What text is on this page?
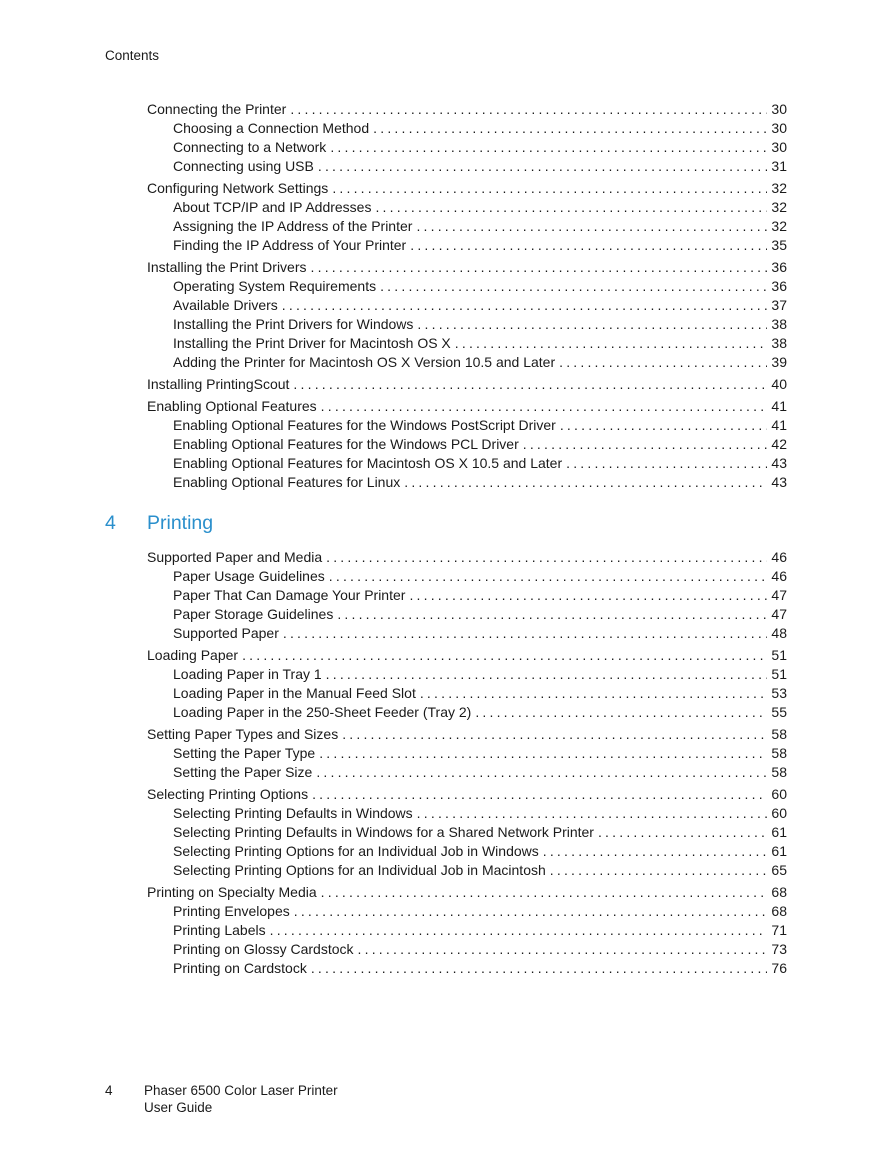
Contents
Connecting the Printer .....	30
Choosing a Connection Method .....	30
Connecting to a Network .....	30
Connecting using USB .....	31
Configuring Network Settings .....	32
About TCP/IP and IP Addresses .....	32
Assigning the IP Address of the Printer .....	32
Finding the IP Address of Your Printer .....	35
Installing the Print Drivers .....	36
Operating System Requirements .....	36
Available Drivers .....	37
Installing the Print Drivers for Windows .....	38
Installing the Print Driver for Macintosh OS X .....	38
Adding the Printer for Macintosh OS X Version 10.5 and Later .....	39
Installing PrintingScout .....	40
Enabling Optional Features .....	41
Enabling Optional Features for the Windows PostScript Driver .....	41
Enabling Optional Features for the Windows PCL Driver .....	42
Enabling Optional Features for Macintosh OS X 10.5 and Later .....	43
Enabling Optional Features for Linux .....	43
Supported Paper and Media .....	46
Paper Usage Guidelines .....	46
Paper That Can Damage Your Printer .....	47
Paper Storage Guidelines .....	47
Supported Paper .....	48
Loading Paper .....	51
Loading Paper in Tray 1 .....	51
Loading Paper in the Manual Feed Slot .....	53
Loading Paper in the 250-Sheet Feeder (Tray 2) .....	55
Setting Paper Types and Sizes .....	58
Setting the Paper Type .....	58
Setting the Paper Size .....	58
Selecting Printing Options .....	60
Selecting Printing Defaults in Windows .....	60
Selecting Printing Defaults in Windows for a Shared Network Printer .....	61
Selecting Printing Options for an Individual Job in Windows .....	61
Selecting Printing Options for an Individual Job in Macintosh .....	65
Printing on Specialty Media .....	68
Printing Envelopes .....	68
Printing Labels .....	71
Printing on Glossy Cardstock .....	73
Printing on Cardstock .....	76
4	Printing
4 Phaser 6500 Color Laser Printer
User Guide
